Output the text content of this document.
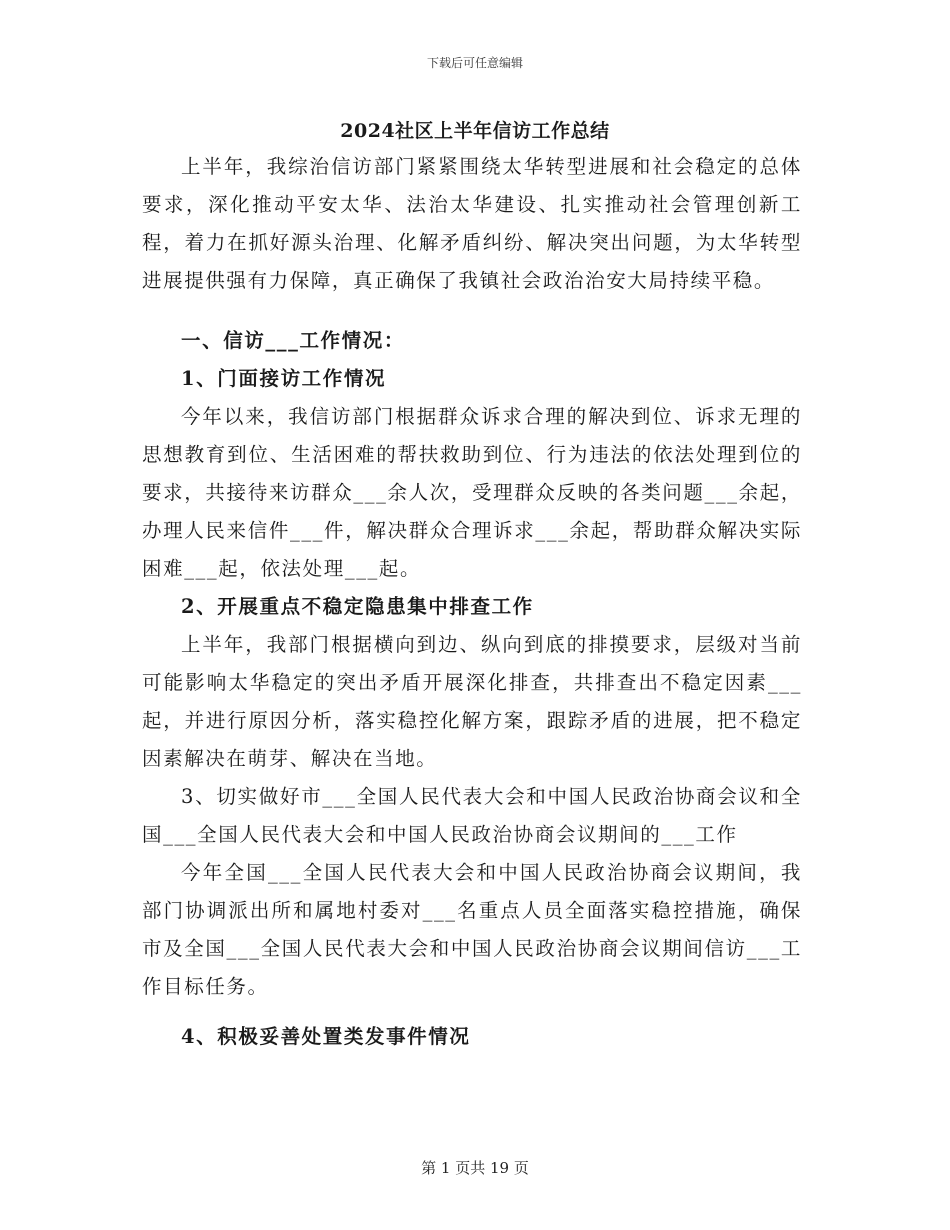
下载后可任意编辑
2024社区上半年信访工作总结

上半年，我综治信访部门紧紧围绕太华转型进展和社会稳定的总体要求，深化推动平安太华、法治太华建设、扎实推动社会管理创新工程，着力在抓好源头治理、化解矛盾纠纷、解决突出问题，为太华转型进展提供强有力保障，真正确保了我镇社会政治治安大局持续平稳。

一、信访___工作情况：

1、门面接访工作情况

今年以来，我信访部门根据群众诉求合理的解决到位、诉求无理的思想教育到位、生活困难的帮扶救助到位、行为违法的依法处理到位的要求，共接待来访群众___余人次，受理群众反映的各类问题___余起，办理人民来信件___件，解决群众合理诉求___余起，帮助群众解决实际困难___起，依法处理___起。

2、开展重点不稳定隐患集中排查工作

上半年，我部门根据横向到边、纵向到底的排摸要求，层级对当前可能影响太华稳定的突出矛盾开展深化排查，共排查出不稳定因素___起，并进行原因分析，落实稳控化解方案，跟踪矛盾的进展，把不稳定因素解决在萌芽、解决在当地。

3、切实做好市___全国人民代表大会和中国人民政治协商会议和全国___全国人民代表大会和中国人民政治协商会议期间的___工作

今年全国___全国人民代表大会和中国人民政治协商会议期间，我部门协调派出所和属地村委对___名重点人员全面落实稳控措施，确保市及全国___全国人民代表大会和中国人民政治协商会议期间信访___工作目标任务。

4、积极妥善处置类发事件情况

第 1 页共 19 页
